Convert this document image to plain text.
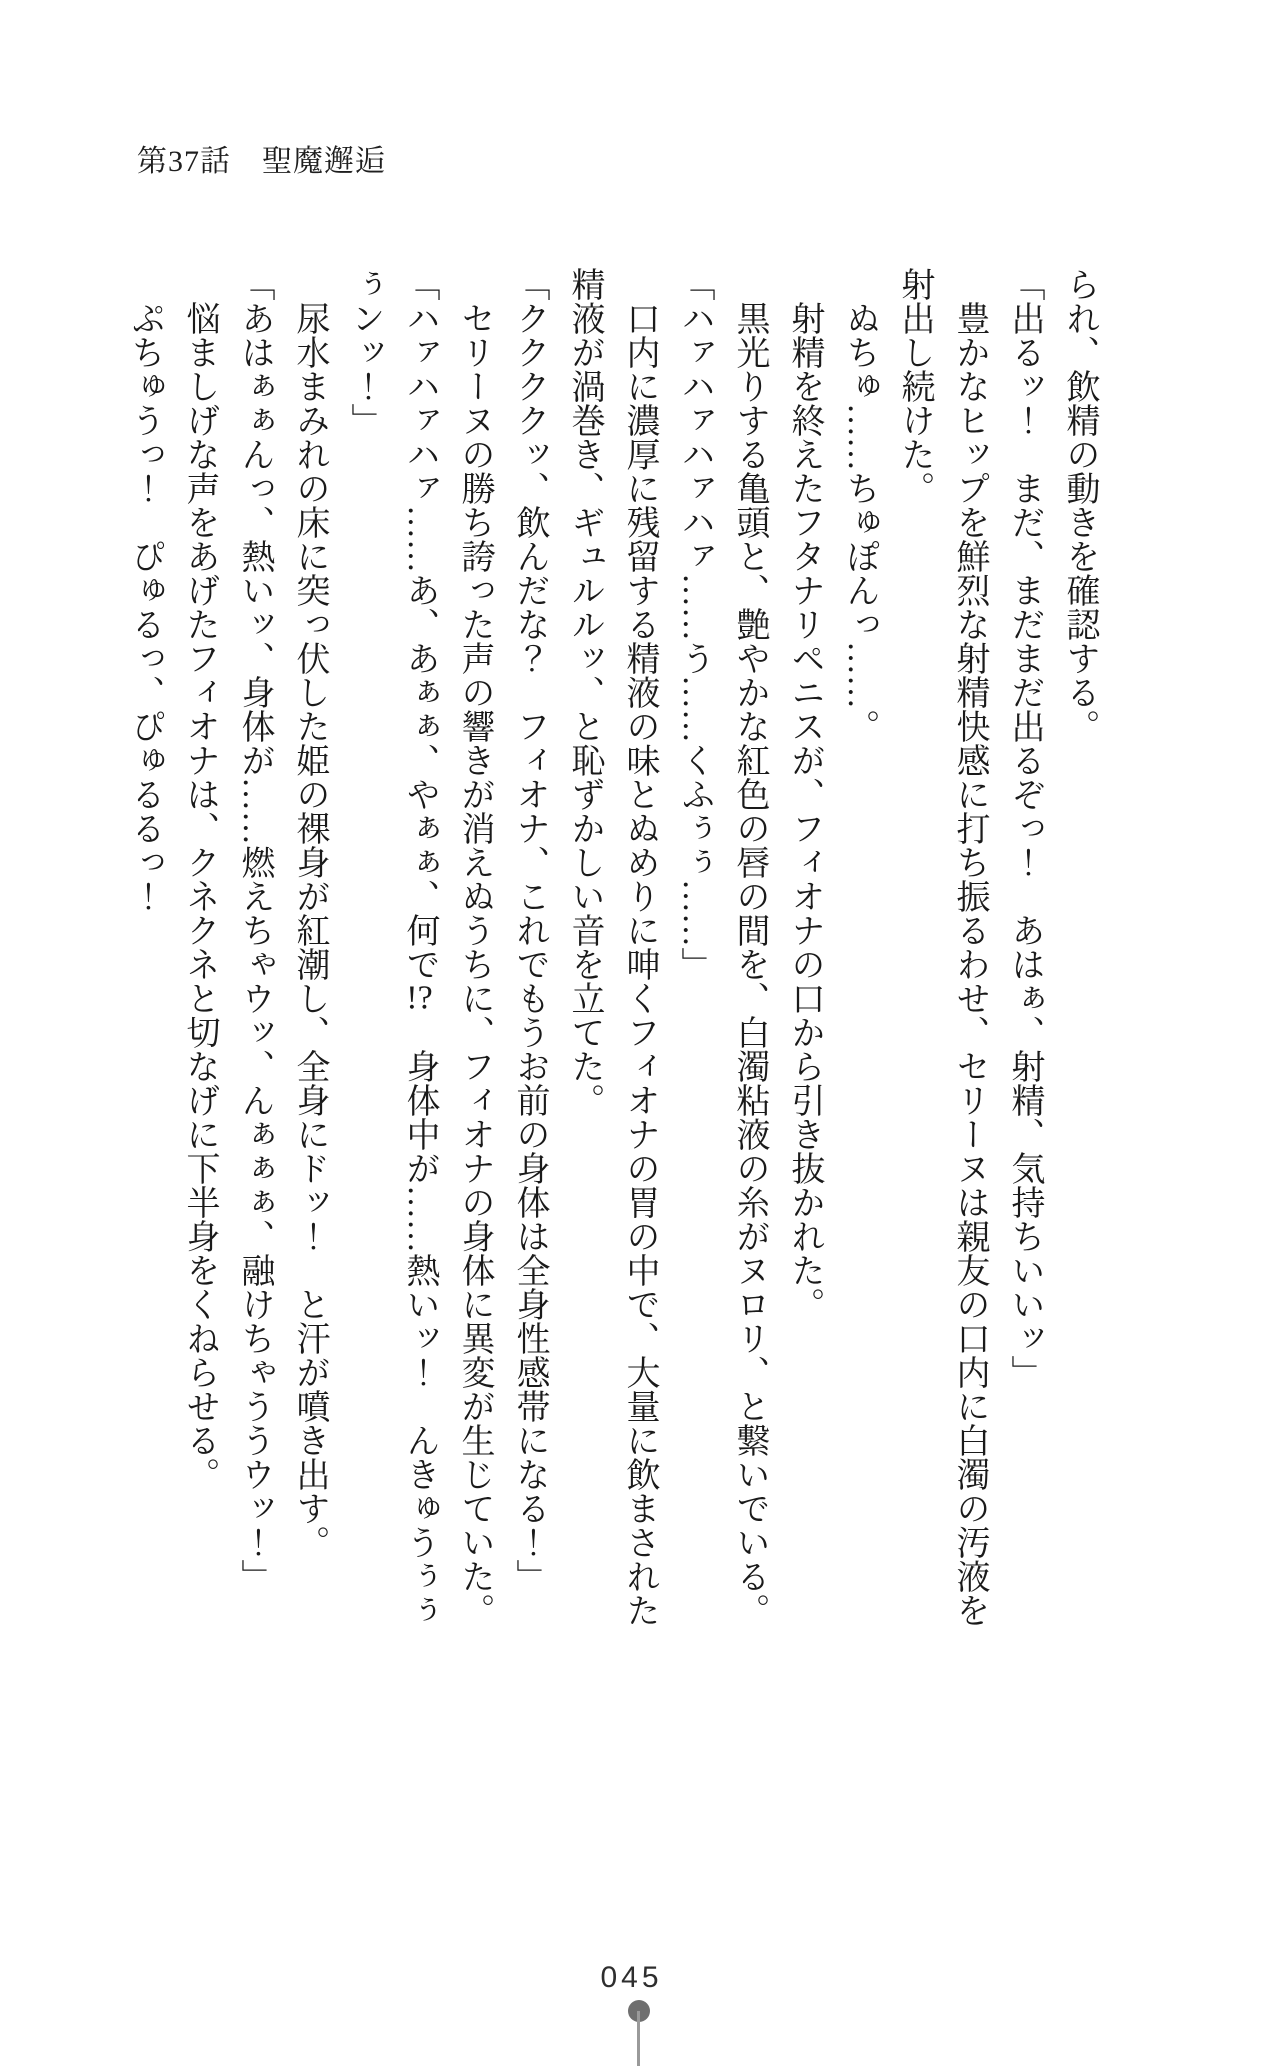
第37話　聖魔邂逅

られ、飲精の動きを確認する。

「出るッ！　まだ、まだまだ出るぞっ！　あはぁ、射精、気持ちいいッ」

豊かなヒップを鮮烈な射精快感に打ち振るわせ、セリーヌは親友の口内に白濁の汚液を射出し続けた。

ぬちゅ……ちゅぽんっ……。

射精を終えたフタナリペニスが、フィオナの口から引き抜かれた。

黒光りする亀頭と、艶やかな紅色の唇の間を、白濁粘液の糸がヌロリ、と繋いでいる。

「ハァハァハァハァ……う……くふぅぅ……」

口内に濃厚に残留する精液の味とぬめりに呻くフィオナの胃の中で、大量に飲まされた精液が渦巻き、ギュルルッ、と恥ずかしい音を立てた。

「ククククッ、飲んだな？　フィオナ、これでもうお前の身体は全身性感帯になる！」

セリーヌの勝ち誇った声の響きが消えぬうちに、フィオナの身体に異変が生じていた。

「ハァハァハァ……あ、あぁぁ、やぁぁ、何で!?　身体中が……熱いッ！　んきゅうぅぅぅンッ！」

尿水まみれの床に突っ伏した姫の裸身が紅潮し、全身にドッ！　と汗が噴き出す。

「あはぁぁんっ、熱いッ、身体が……燃えちゃウッ、んぁぁぁ、融けちゃううウッ！」

悩ましげな声をあげたフィオナは、クネクネと切なげに下半身をくねらせる。

ぷちゅうっ！　ぴゅるっ、ぴゅるるっ！

045
